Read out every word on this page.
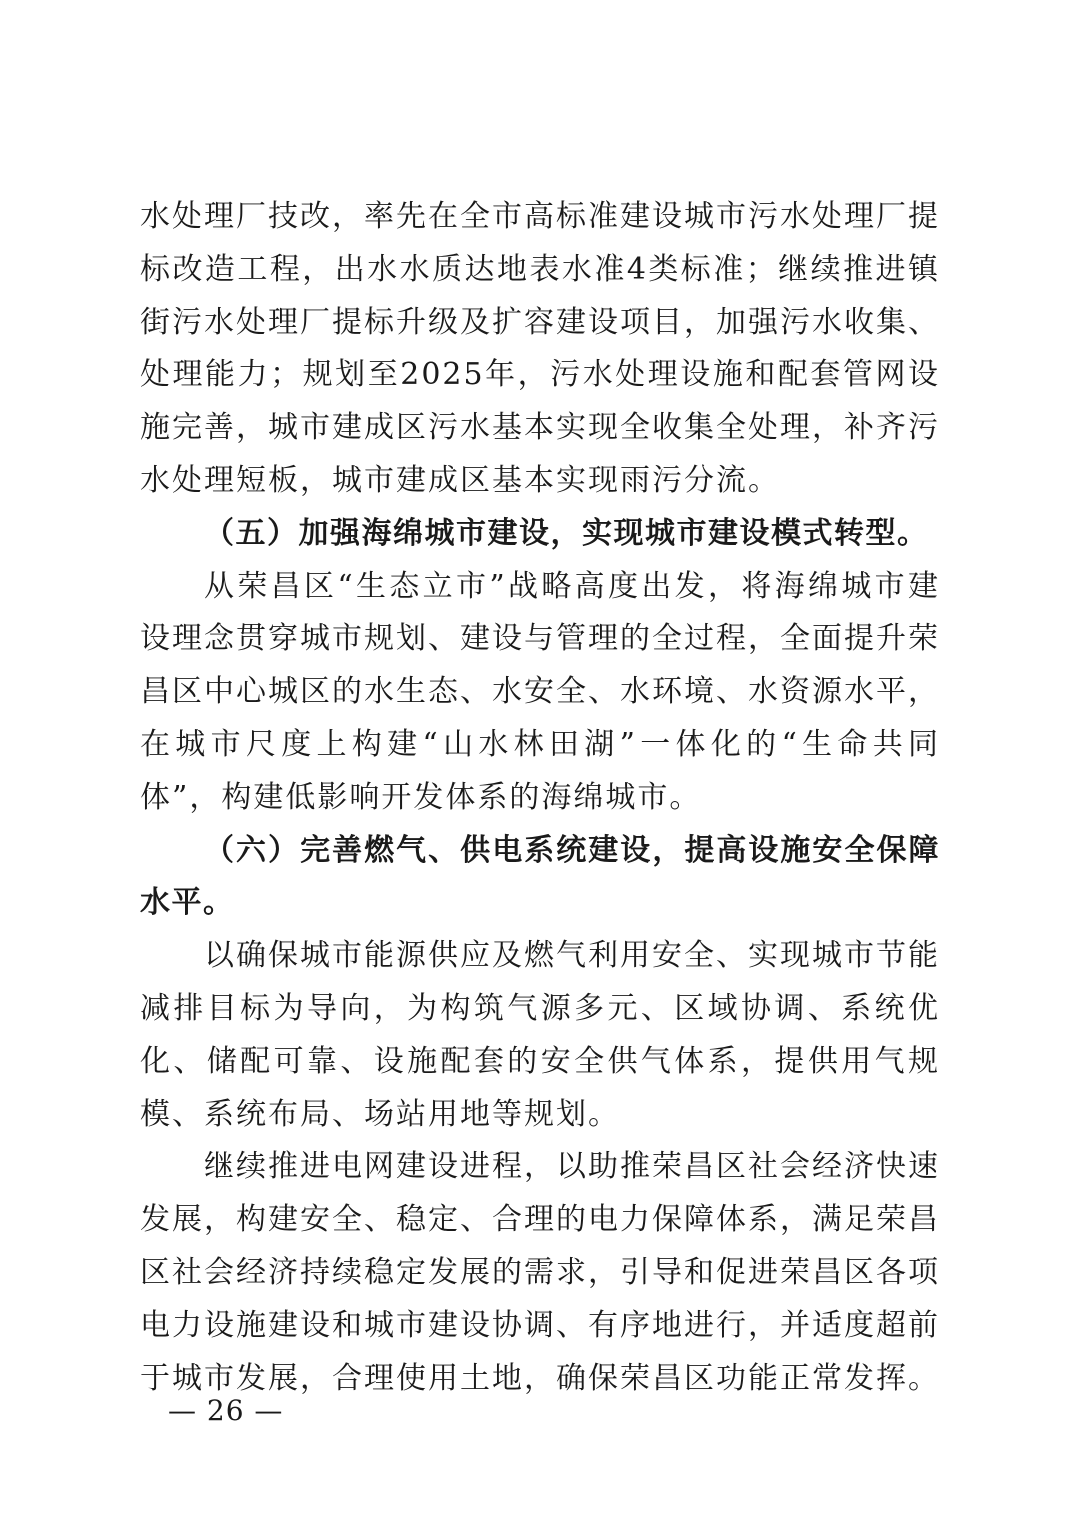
水处理厂技改，率先在全市高标准建设城市污水处理厂提标改造工程，出水水质达地表水准4类标准；继续推进镇街污水处理厂提标升级及扩容建设项目，加强污水收集、处理能力；规划至2025年，污水处理设施和配套管网设施完善，城市建成区污水基本实现全收集全处理，补齐污水处理短板，城市建成区基本实现雨污分流。

（五）加强海绵城市建设，实现城市建设模式转型。

从荣昌区“生态立市”战略高度出发，将海绵城市建设理念贯穿城市规划、建设与管理的全过程，全面提升荣昌区中心城区的水生态、水安全、水环境、水资源水平，在城市尺度上构建“山水林田湖”一体化的“生命共同体”，构建低影响开发体系的海绵城市。

（六）完善燃气、供电系统建设，提高设施安全保障水平。

以确保城市能源供应及燃气利用安全、实现城市节能减排目标为导向，为构筑气源多元、区域协调、系统优化、储配可靠、设施配套的安全供气体系，提供用气规模、系统布局、场站用地等规划。

继续推进电网建设进程，以助推荣昌区社会经济快速发展，构建安全、稳定、合理的电力保障体系，满足荣昌区社会经济持续稳定发展的需求，引导和促进荣昌区各项电力设施建设和城市建设协调、有序地进行，并适度超前于城市发展，合理使用土地，确保荣昌区功能正常发挥。

— 26 —
